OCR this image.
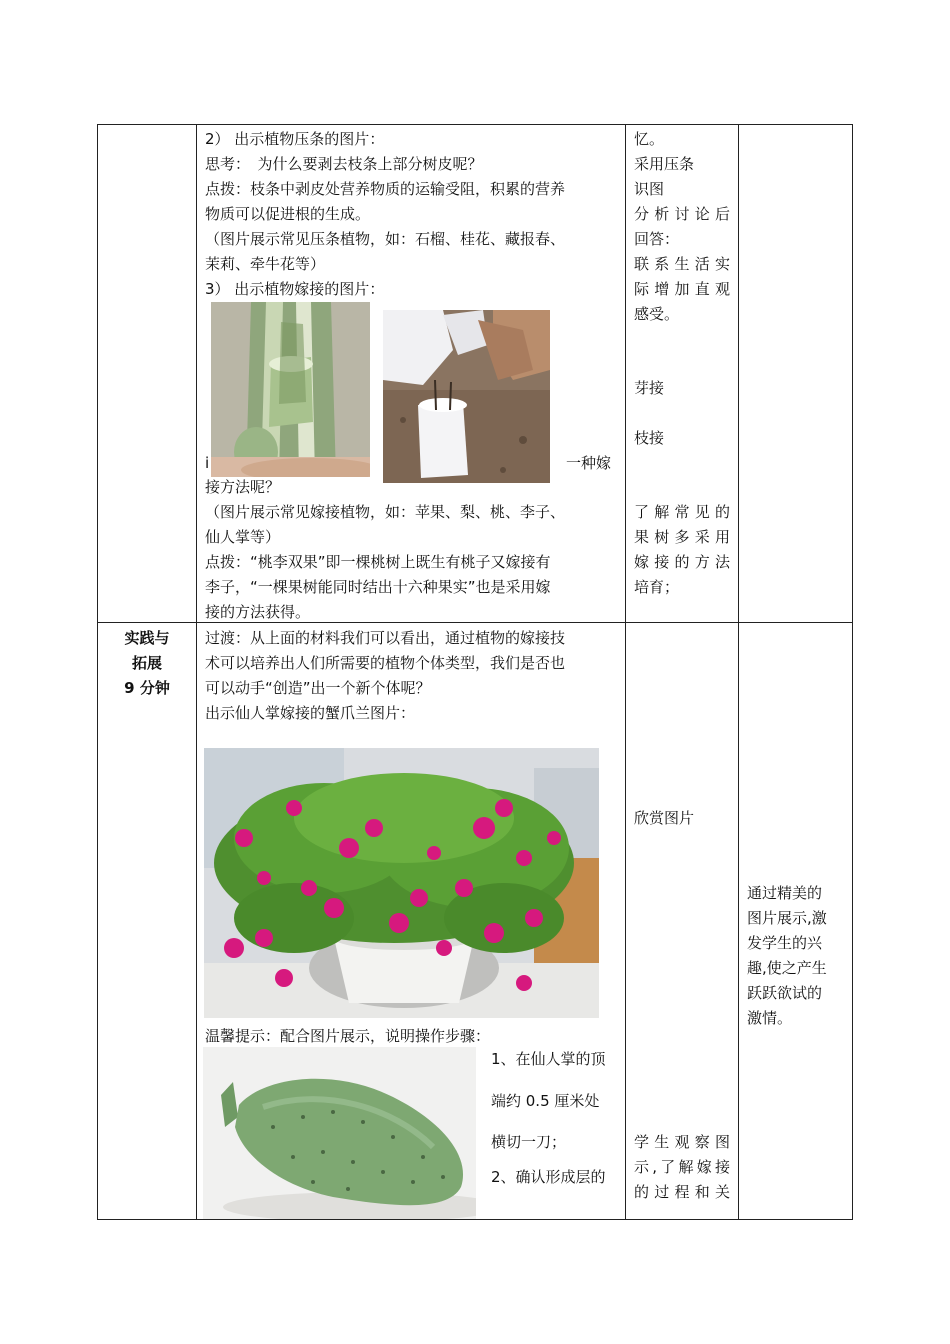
2） 出示植物压条的图片：

思考：　为什么要剥去枝条上部分树皮呢？

点拨：枝条中剥皮处营养物质的运输受阻，积累的营养

物质可以促进根的生成。

（图片展示常见压条植物，如：石榴、桂花、藏报春、

茉莉、牵牛花等）

3） 出示植物嫁接的图片：

i	一种嫁

接方法呢？

（图片展示常见嫁接植物，如：苹果、梨、桃、李子、

仙人掌等）

点拨：“桃李双果”即一棵桃树上既生有桃子又嫁接有

李子，“一棵果树能同时结出十六种果实”也是采用嫁

接的方法获得。

忆。

采用压条

识图

分析讨论后

回答：

联系生活实

际增加直观

感受。

芽接

枝接

了解常见的

果树多采用

嫁接的方法

培育；

实践与

拓展

9 分钟

过渡：从上面的材料我们可以看出，通过植物的嫁接技

术可以培养出人们所需要的植物个体类型，我们是否也

可以动手“创造”出一个新个体呢？

出示仙人掌嫁接的蟹爪兰图片：

温馨提示：配合图片展示，说明操作步骤：

1、在仙人掌的顶

端约 0.5 厘米处

横切一刀；

2、确认形成层的

欣赏图片

学生观察图

示,了解嫁接

的过程和关

通过精美的

图片展示,激

发学生的兴

趣,使之产生

跃跃欲试的

激情。
